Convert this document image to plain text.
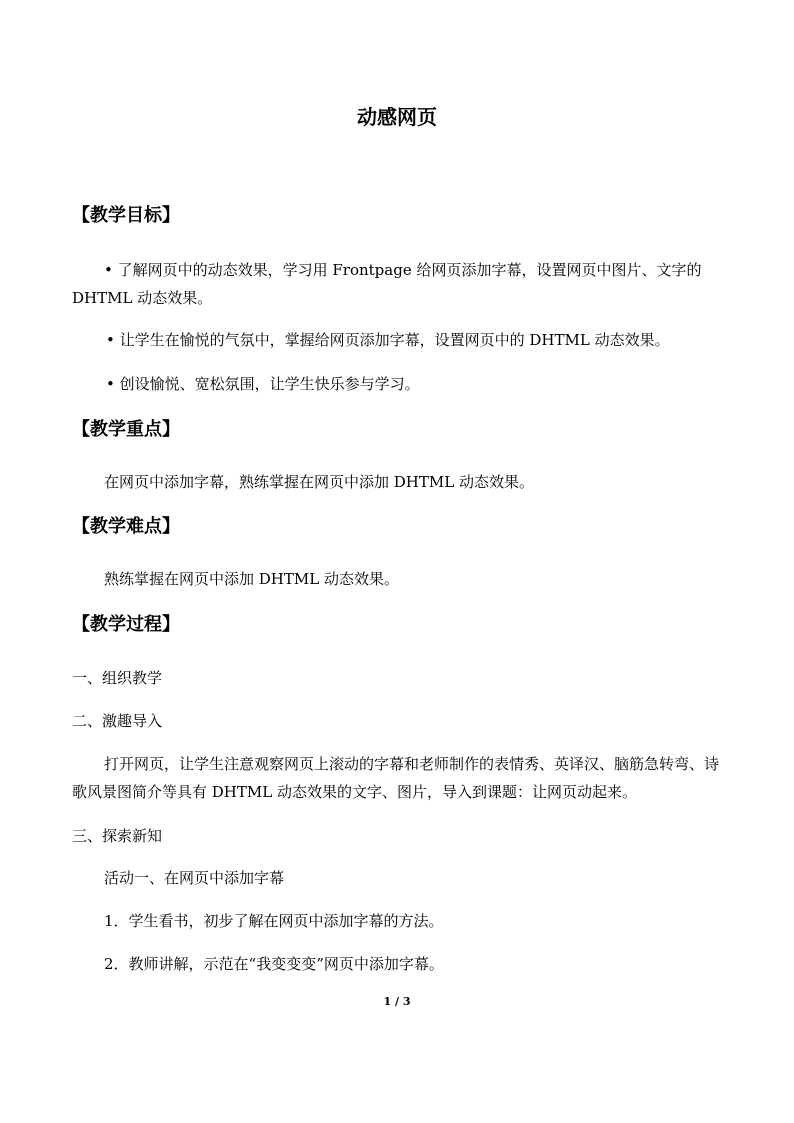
动感网页
【教学目标】
• 了解网页中的动态效果，学习用 Frontpage 给网页添加字幕，设置网页中图片、文字的 DHTML 动态效果。
• 让学生在愉悦的气氛中，掌握给网页添加字幕，设置网页中的 DHTML 动态效果。
• 创设愉悦、宽松氛围，让学生快乐参与学习。
【教学重点】
在网页中添加字幕，熟练掌握在网页中添加 DHTML 动态效果。
【教学难点】
熟练掌握在网页中添加 DHTML 动态效果。
【教学过程】
一、组织教学
二、激趣导入
打开网页，让学生注意观察网页上滚动的字幕和老师制作的表情秀、英译汉、脑筋急转弯、诗歌风景图简介等具有 DHTML 动态效果的文字、图片，导入到课题：让网页动起来。
三、探索新知
活动一、在网页中添加字幕
1．学生看书，初步了解在网页中添加字幕的方法。
2．教师讲解，示范在“我变变变”网页中添加字幕。
1 / 3
